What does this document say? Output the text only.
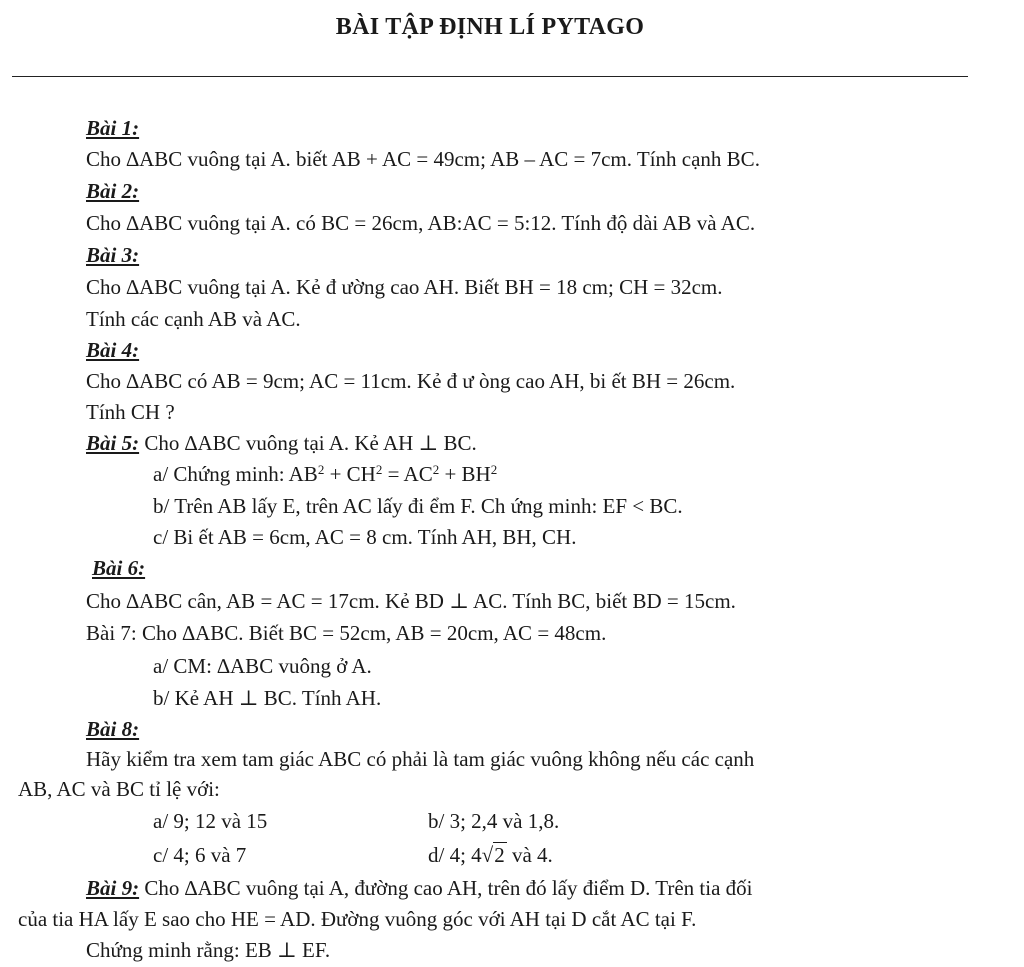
BÀI TẬP ĐỊNH LÍ PYTAGO
Bài 1:
Cho ∆ABC vuông tại A. biết AB + AC = 49cm; AB – AC = 7cm. Tính cạnh BC.
Bài 2:
Cho ∆ABC vuông tại A. có BC = 26cm, AB:AC = 5:12. Tính độ dài AB và AC.
Bài 3:
Cho ∆ABC vuông tại A. Kẻ đ ường cao AH. Biết BH = 18 cm; CH = 32cm.
Tính các cạnh AB và AC.
Bài 4:
Cho ∆ABC có AB = 9cm; AC = 11cm. Kẻ đ ư òng cao AH, bi ết BH = 26cm.
Tính CH ?
Bài 5: Cho ∆ABC vuông tại A. Kẻ AH ⊥ BC.
a/ Chứng minh: $AB^2 + CH^2 = AC^2 + BH^2$
b/ Trên AB lấy E, trên AC lấy đi ểm F. Ch ứng minh: EF < BC.
c/ Bi ết AB = 6cm, AC = 8 cm. Tính AH, BH, CH.
Bài 6:
Cho ∆ABC cân, AB = AC = 17cm. Kẻ BD ⊥ AC. Tính BC, biết BD = 15cm.
Bài 7: Cho ∆ABC. Biết BC = 52cm, AB = 20cm, AC = 48cm.
a/ CM: ∆ABC vuông ở A.
b/ Kẻ AH ⊥ BC. Tính AH.
Bài 8:
Hãy kiểm tra xem tam giác ABC có phải là tam giác vuông không nếu các cạnh
AB, AC và BC tỉ lệ với:
a/ 9; 12 và 15	b/ 3; 2,4 và 1,8.
c/ 4; 6 và 7	d/ 4; 4√2 và 4.
Bài 9: Cho ∆ABC vuông tại A, đường cao AH, trên đó lấy điểm D. Trên tia đối
của tia HA lấy E sao cho HE = AD. Đường vuông góc với AH tại D cắt AC tại F.
Chứng minh rằng: EB ⊥ EF.
